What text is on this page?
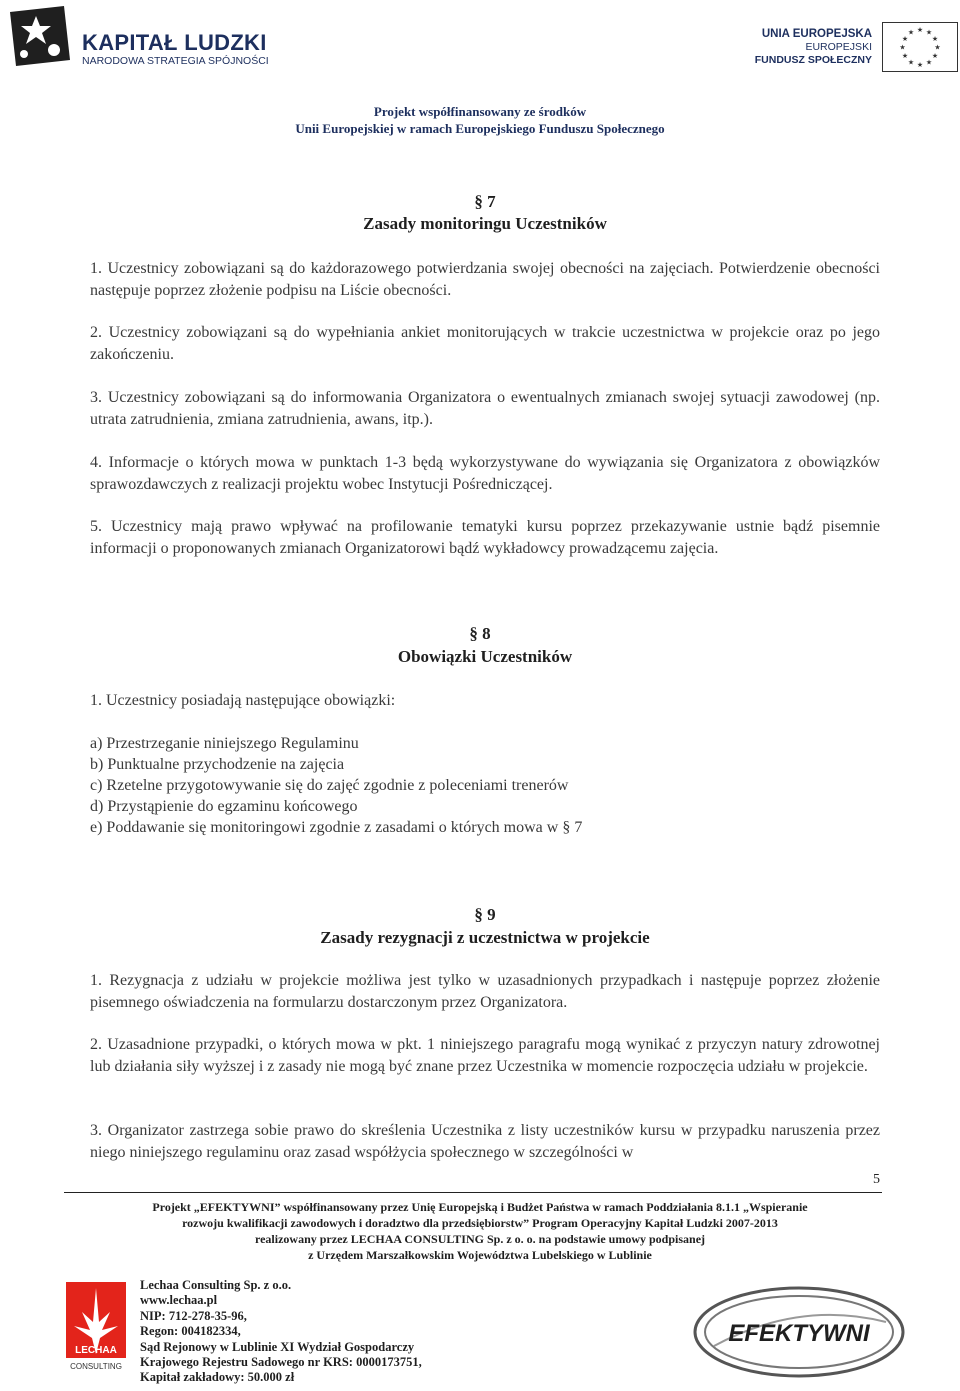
KAPITAŁ LUDZKI
NARODOWA STRATEGIA SPÓJNOŚCI
UNIA EUROPEJSKA
EUROPEJSKI
FUNDUSZ SPOŁECZNY
★ ★
★
★
★
★
★
★
★
★
★
★
Projekt współfinansowany ze środków
Unii Europejskiej w ramach Europejskiego Funduszu Społecznego
§ 7
Zasady monitoringu Uczestników
1. Uczestnicy zobowiązani są do każdorazowego potwierdzania swojej obecności na zajęciach. Potwierdzenie obecności następuje poprzez złożenie podpisu na Liście obecności.
2. Uczestnicy zobowiązani są do wypełniania ankiet monitorujących w trakcie uczestnictwa w projekcie oraz po jego zakończeniu.
3. Uczestnicy zobowiązani są do informowania Organizatora o ewentualnych zmianach swojej sytuacji zawodowej (np. utrata zatrudnienia, zmiana zatrudnienia, awans, itp.).
4. Informacje o których mowa w punktach 1-3 będą wykorzystywane do wywiązania się Organizatora z obowiązków sprawozdawczych z realizacji projektu wobec Instytucji Pośredniczącej.
5. Uczestnicy mają prawo wpływać na profilowanie tematyki kursu poprzez przekazywanie ustnie bądź pisemnie informacji o proponowanych zmianach Organizatorowi bądź wykładowcy prowadzącemu zajęcia.
§ 8
Obowiązki Uczestników
1. Uczestnicy posiadają następujące obowiązki:
a) Przestrzeganie niniejszego Regulaminu
b) Punktualne przychodzenie na zajęcia
c) Rzetelne przygotowywanie się do zajęć zgodnie z poleceniami trenerów
d) Przystąpienie do egzaminu końcowego
e) Poddawanie się monitoringowi zgodnie z zasadami o których mowa w § 7
§ 9
Zasady rezygnacji z uczestnictwa w projekcie
1. Rezygnacja z udziału w projekcie możliwa jest tylko w uzasadnionych przypadkach i następuje poprzez złożenie pisemnego oświadczenia na formularzu dostarczonym przez Organizatora.
2. Uzasadnione przypadki, o których mowa w pkt. 1 niniejszego paragrafu mogą wynikać z przyczyn natury zdrowotnej lub działania siły wyższej i z zasady nie mogą być znane przez Uczestnika w momencie rozpoczęcia udziału w projekcie.
3. Organizator zastrzega sobie prawo do skreślenia Uczestnika z listy uczestników kursu w przypadku naruszenia przez niego niniejszego regulaminu oraz zasad współżycia społecznego w szczególności w
5
Projekt „EFEKTYWNI” współfinansowany przez Unię Europejską i Budżet Państwa w ramach Poddziałania 8.1.1 „Wspieranie
rozwoju kwalifikacji zawodowych i doradztwo dla przedsiębiorstw” Program Operacyjny Kapitał Ludzki 2007-2013
realizowany przez LECHAA CONSULTING Sp. z o. o. na podstawie umowy podpisanej
z Urzędem Marszałkowskim Województwa Lubelskiego w Lublinie
LECHAA
CONSULTING
Lechaa Consulting Sp. z o.o.
www.lechaa.pl
NIP: 712-278-35-96,
Regon: 004182334,
Sąd Rejonowy w Lublinie XI Wydział Gospodarczy
Krajowego Rejestru Sadowego nr KRS: 0000173751,
Kapitał zakładowy: 50.000 zł
EFEKTYWNI
